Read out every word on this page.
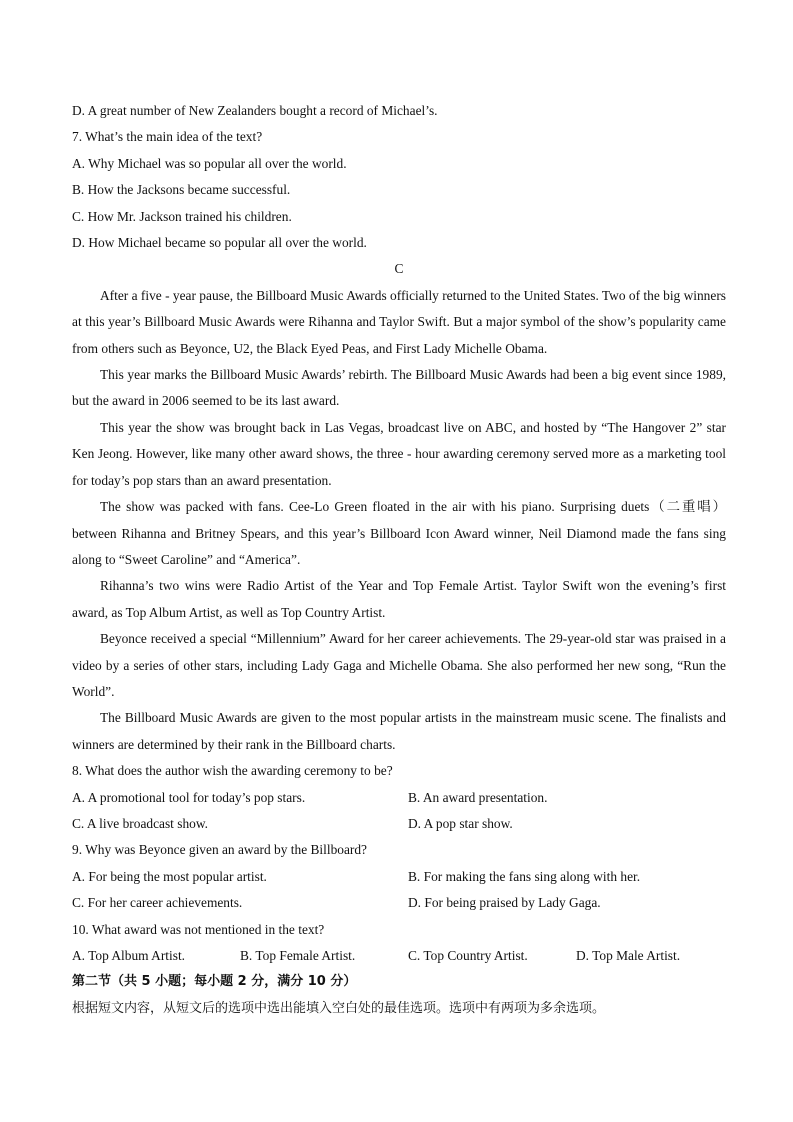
D. A great number of New Zealanders bought a record of Michael’s.
7. What’s the main idea of the text?
A. Why Michael was so popular all over the world.
B. How the Jacksons became successful.
C. How Mr. Jackson trained his children.
D. How Michael became so popular all over the world.
C
After a five - year pause, the Billboard Music Awards officially returned to the United States. Two of the big winners at this year’s Billboard Music Awards were Rihanna and Taylor Swift. But a major symbol of the show’s popularity came from others such as Beyonce, U2, the Black Eyed Peas, and First Lady Michelle Obama.
This year marks the Billboard Music Awards’ rebirth. The Billboard Music Awards had been a big event since 1989, but the award in 2006 seemed to be its last award.
This year the show was brought back in Las Vegas, broadcast live on ABC, and hosted by “The Hangover 2” star Ken Jeong. However, like many other award shows, the three - hour awarding ceremony served more as a marketing tool for today’s pop stars than an award presentation.
The show was packed with fans. Cee-Lo Green floated in the air with his piano. Surprising duets（二重唱）between Rihanna and Britney Spears, and this year’s Billboard Icon Award winner, Neil Diamond made the fans sing along to “Sweet Caroline” and “America”.
Rihanna’s two wins were Radio Artist of the Year and Top Female Artist. Taylor Swift won the evening’s first award, as Top Album Artist, as well as Top Country Artist.
Beyonce received a special “Millennium” Award for her career achievements. The 29-year-old star was praised in a video by a series of other stars, including Lady Gaga and Michelle Obama. She also performed her new song, “Run the World”.
The Billboard Music Awards are given to the most popular artists in the mainstream music scene. The finalists and winners are determined by their rank in the Billboard charts.
8. What does the author wish the awarding ceremony to be?
A. A promotional tool for today’s pop stars.	B. An award presentation.
C. A live broadcast show.	D. A pop star show.
9. Why was Beyonce given an award by the Billboard?
A. For being the most popular artist.	B. For making the fans sing along with her.
C. For her career achievements.	D. For being praised by Lady Gaga.
10. What award was not mentioned in the text?
A. Top Album Artist.	B. Top Female Artist.	C. Top Country Artist.	D. Top Male Artist.
第二节（共 5 小题；每小题 2 分，满分 10 分）
根据短文内容，从短文后的选项中选出能填入空白处的最佳选项。选项中有两项为多余选项。
